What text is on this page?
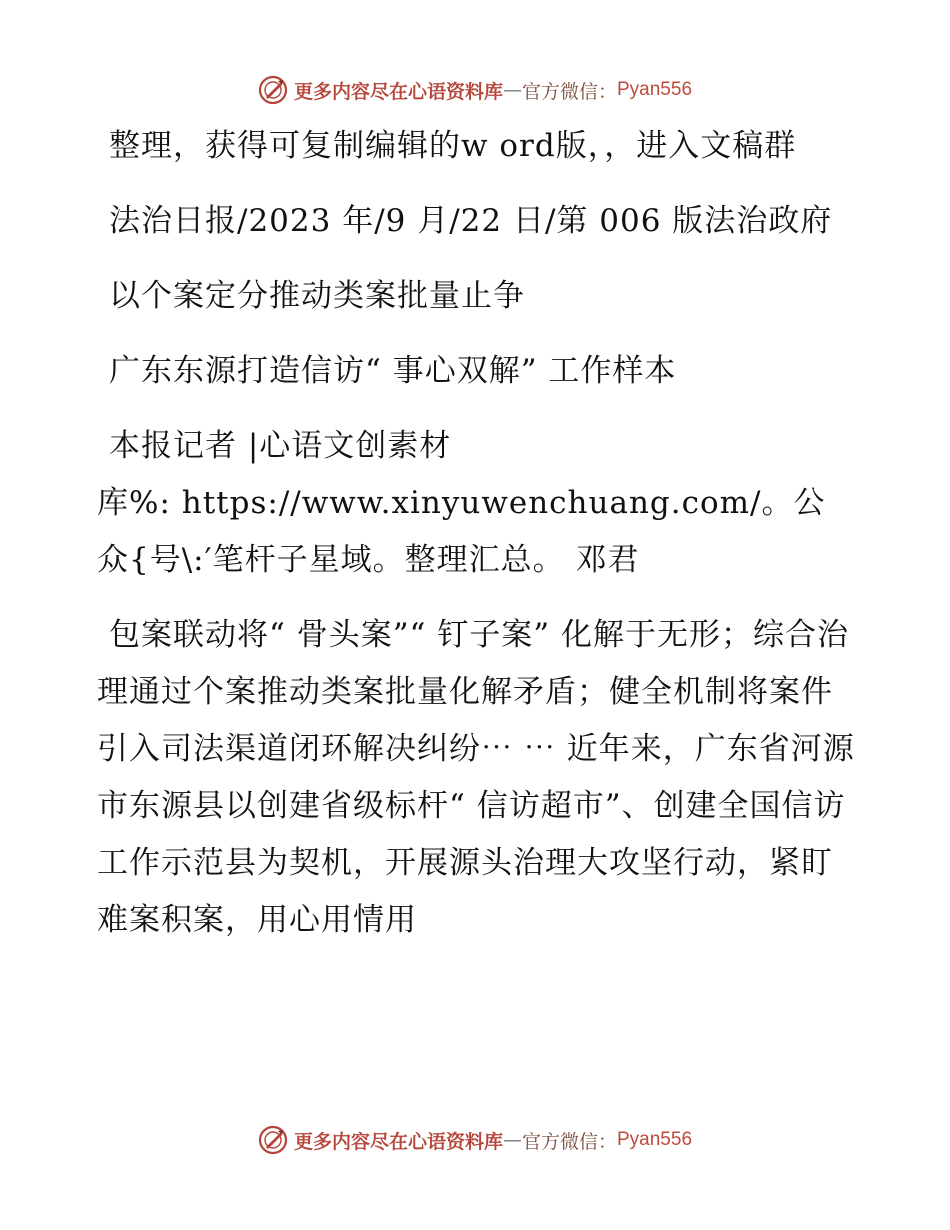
更多内容尽在心语资料库 — 官方微信： Pyan556

整理，获得可复制编辑的w ord版，，进入文稿群

法治日报/2023 年/9 月/22 日/第 006 版法治政府

以个案定分推动类案批量止争

广东东源打造信访“ 事心双解” 工作样本

本报记者 |心语文创素材

库%: https://www.xinyuwenchuang.com/。公众{号\:′笔杆子星域。整理汇总。 邓君

包案联动将“ 骨头案”“ 钉子案” 化解于无形；综合治理通过个案推动类案批量化解矛盾；健全机制将案件引入司法渠道闭环解决纠纷⋯ ⋯ 近年来，广东省河源市东源县以创建省级标杆“ 信访超市”、创建全国信访工作示范县为契机，开展源头治理大攻坚行动，紧盯难案积案，用心用情用

更多内容尽在心语资料库 — 官方微信： Pyan556
